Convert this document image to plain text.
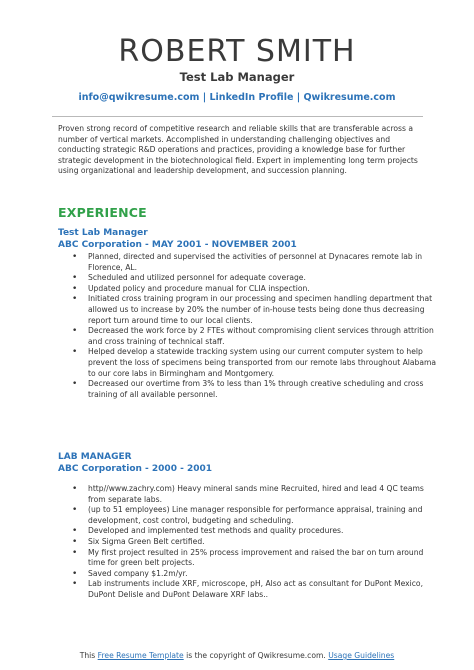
ROBERT SMITH
Test Lab Manager
info@qwikresume.com | LinkedIn Profile | Qwikresume.com
Proven strong record of competitive research and reliable skills that are transferable across a number of vertical markets. Accomplished in understanding challenging objectives and conducting strategic R&D operations and practices, providing a knowledge base for further strategic development in the biotechnological field. Expert in implementing long term projects using organizational and leadership development, and succession planning.
EXPERIENCE
Test Lab Manager
ABC Corporation - MAY 2001 - NOVEMBER 2001
• Planned, directed and supervised the activities of personnel at Dynacares remote lab in Florence, AL.
• Scheduled and utilized personnel for adequate coverage.
• Updated policy and procedure manual for CLIA inspection.
• Initiated cross training program in our processing and specimen handling department that allowed us to increase by 20% the number of in-house tests being done thus decreasing report turn around time to our local clients.
• Decreased the work force by 2 FTEs without compromising client services through attrition and cross training of technical staff.
• Helped develop a statewide tracking system using our current computer system to help prevent the loss of specimens being transported from our remote labs throughout Alabama to our core labs in Birmingham and Montgomery.
• Decreased our overtime from 3% to less than 1% through creative scheduling and cross training of all available personnel.
LAB MANAGER
ABC Corporation - 2000 - 2001
• http//www.zachry.com) Heavy mineral sands mine Recruited, hired and lead 4 QC teams from separate labs.
• (up to 51 employees) Line manager responsible for performance appraisal, training and development, cost control, budgeting and scheduling.
• Developed and implemented test methods and quality procedures.
• Six Sigma Green Belt certified.
• My first project resulted in 25% process improvement and raised the bar on turn around time for green belt projects.
• Saved company $1.2m/yr.
• Lab instruments include XRF, microscope, pH, Also act as consultant for DuPont Mexico, DuPont Delisle and DuPont Delaware XRF labs..
This Free Resume Template is the copyright of Qwikresume.com. Usage Guidelines
